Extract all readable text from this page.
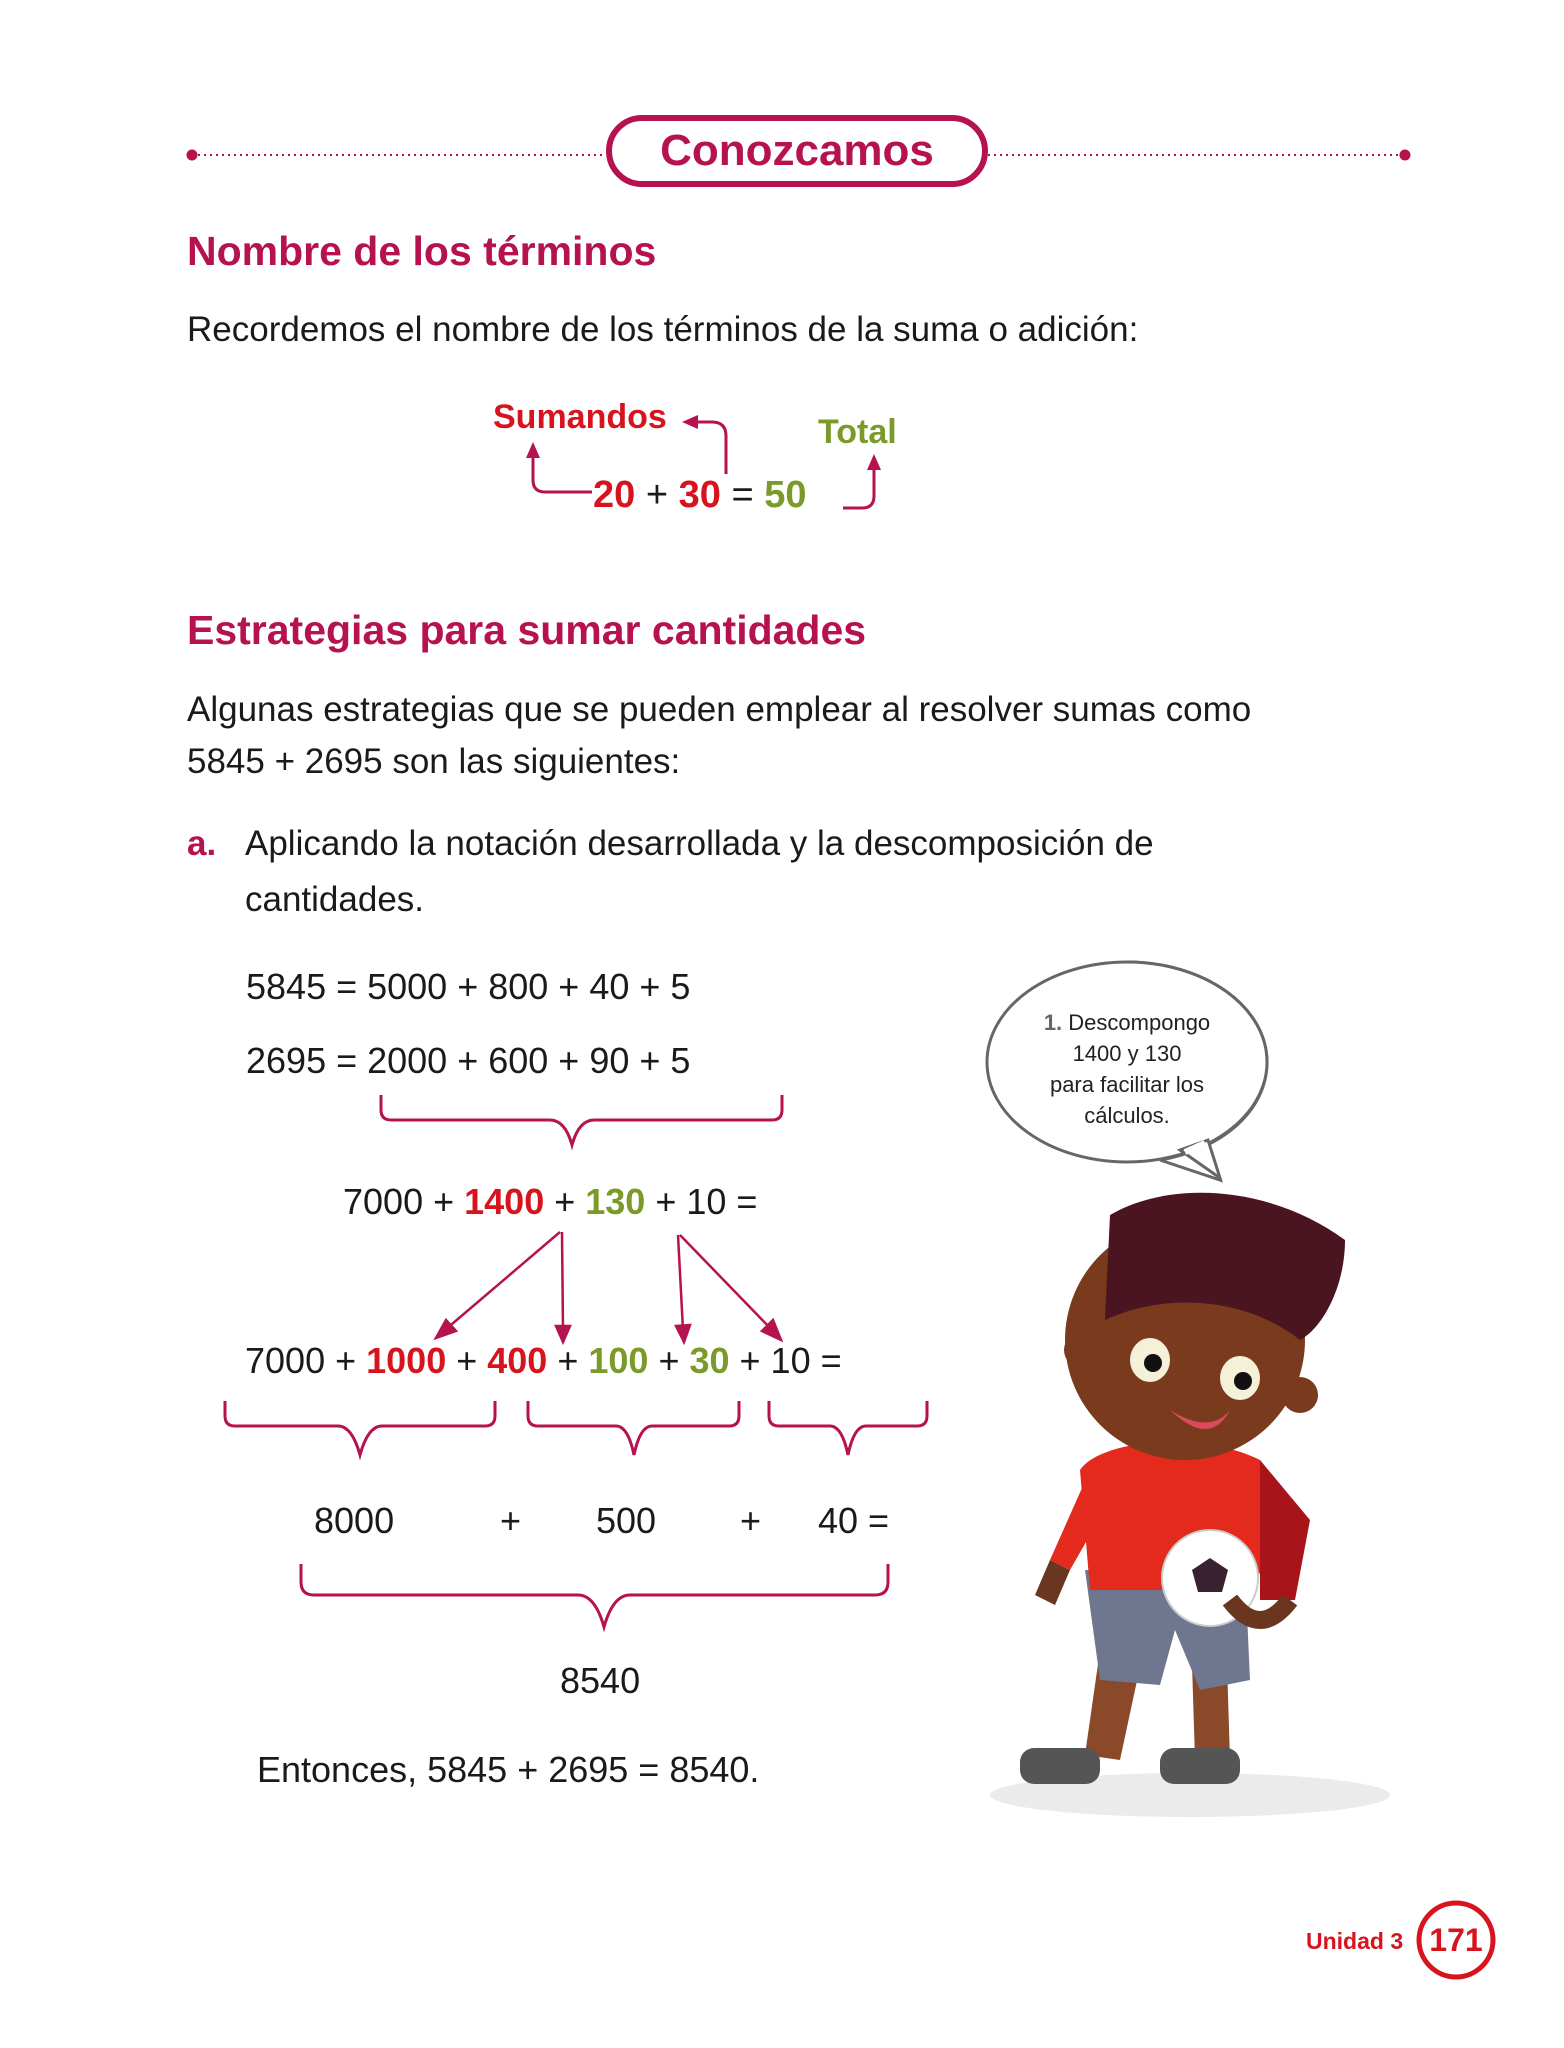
Conozcamos
Nombre de los términos
Recordemos el nombre de los términos de la suma o adición:
Sumandos	Total
20 + 30 = 50
Estrategias para sumar cantidades
Algunas estrategias que se pueden emplear al resolver sumas como
5845 + 2695 son las siguientes:
a. Aplicando la notación desarrollada y la descomposición de
cantidades.
5845 = 5000 + 800 + 40 + 5
2695 = 2000 + 600 + 90 + 5
7000 + 1400 + 130 + 10 =
7000 + 1000 + 400 + 100 + 30 + 10 =
8000	+ 500 + 40 =
8540
Entonces, 5845 + 2695 = 8540.
1. Descompongo
1400 y 130
para facilitar los
cálculos.
Unidad 3 171
